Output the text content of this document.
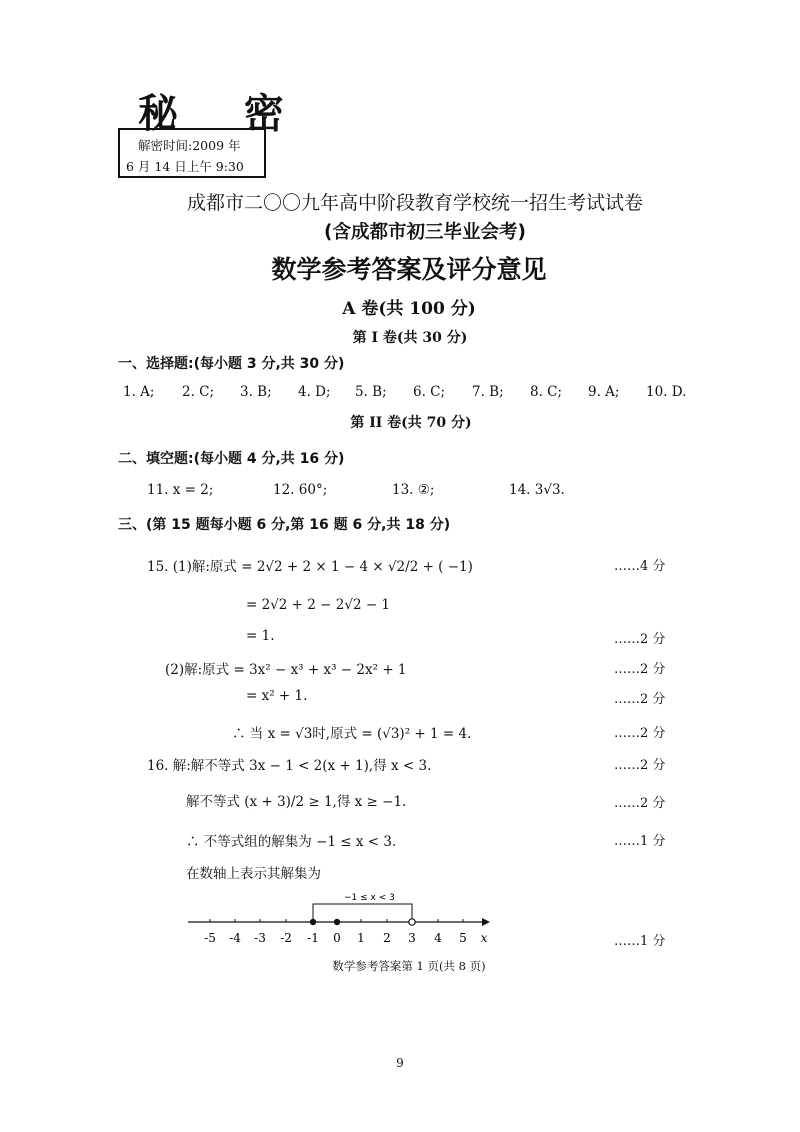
秘 密
解密时间:2009 年
6 月 14 日上午 9:30
成都市二〇〇九年高中阶段教育学校统一招生考试试卷
(含成都市初三毕业会考)
数学参考答案及评分意见
A 卷(共 100 分)
第 I 卷(共 30 分)
一、选择题:(每小题 3 分,共 30 分)
1. A; 2. C; 3. B; 4. D; 5. B; 6. C; 7. B; 8. C; 9. A; 10. D.
第 II 卷(共 70 分)
二、填空题:(每小题 4 分,共 16 分)
11. x = 2;	12. 60°;	13. ②;	14. 3√3.
三、(第 15 题每小题 6 分,第 16 题 6 分,共 18 分)
15. (1)解:原式 = 2√2 + 2 × 1 − 4 × √2/2 + ( −1)	……4 分
= 2√2 + 2 − 2√2 − 1
= 1.	……2 分
(2)解:原式 = 3x² − x³ + x³ − 2x² + 1	……2 分
= x² + 1.	……2 分
∴ 当 x = √3时,原式 = (√3)² + 1 = 4.	……2 分
16. 解:解不等式 3x − 1 < 2(x + 1),得 x < 3.	……2 分
解不等式 (x + 3)/2 ≥ 1,得 x ≥ −1.	……2 分
∴ 不等式组的解集为 −1 ≤ x < 3.	……1 分
在数轴上表示其解集为
−1 ≤ x < 3
-5 -4 -3 -2 -1 0 1 2 3 4 5 x	……1 分
数学参考答案第 1 页(共 8 页)
9
